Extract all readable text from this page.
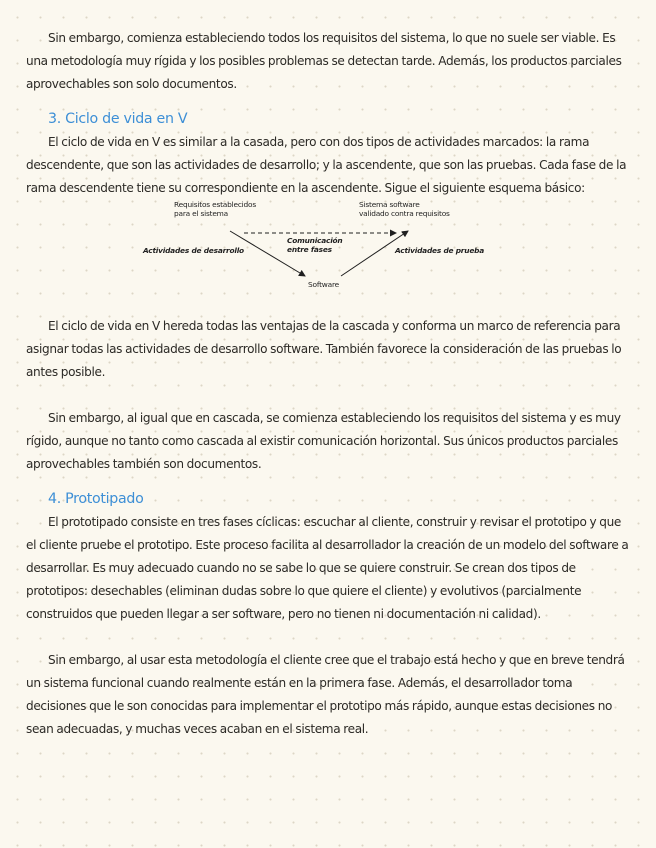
Sin embargo, comienza estableciendo todos los requisitos del sistema, lo que no suele ser viable. Es una metodología muy rígida y los posibles problemas se detectan tarde. Además, los productos parciales aprovechables son solo documentos.

3. Ciclo de vida en V

El ciclo de vida en V es similar a la casada, pero con dos tipos de actividades marcados: la rama descendente, que son las actividades de desarrollo; y la ascendente, que son las pruebas. Cada fase de la rama descendente tiene su correspondiente en la ascendente. Sigue el siguiente esquema básico:

Requisitos establecidos
para el sistema
Sistema software
validado contra requisitos
Comunicación
entre fases
Actividades de desarrollo	Actividades de prueba
Software

El ciclo de vida en V hereda todas las ventajas de la cascada y conforma un marco de referencia para asignar todas las actividades de desarrollo software. También favorece la consideración de las pruebas lo antes posible.

Sin embargo, al igual que en cascada, se comienza estableciendo los requisitos del sistema y es muy rígido, aunque no tanto como cascada al existir comunicación horizontal. Sus únicos productos parciales aprovechables también son documentos.

4. Prototipado

El prototipado consiste en tres fases cíclicas: escuchar al cliente, construir y revisar el prototipo y que el cliente pruebe el prototipo. Este proceso facilita al desarrollador la creación de un modelo del software a desarrollar. Es muy adecuado cuando no se sabe lo que se quiere construir. Se crean dos tipos de prototipos: desechables (eliminan dudas sobre lo que quiere el cliente) y evolutivos (parcialmente construidos que pueden llegar a ser software, pero no tienen ni documentación ni calidad).

Sin embargo, al usar esta metodología el cliente cree que el trabajo está hecho y que en breve tendrá un sistema funcional cuando realmente están en la primera fase. Además, el desarrollador toma decisiones que le son conocidas para implementar el prototipo más rápido, aunque estas decisiones no sean adecuadas, y muchas veces acaban en el sistema real.
